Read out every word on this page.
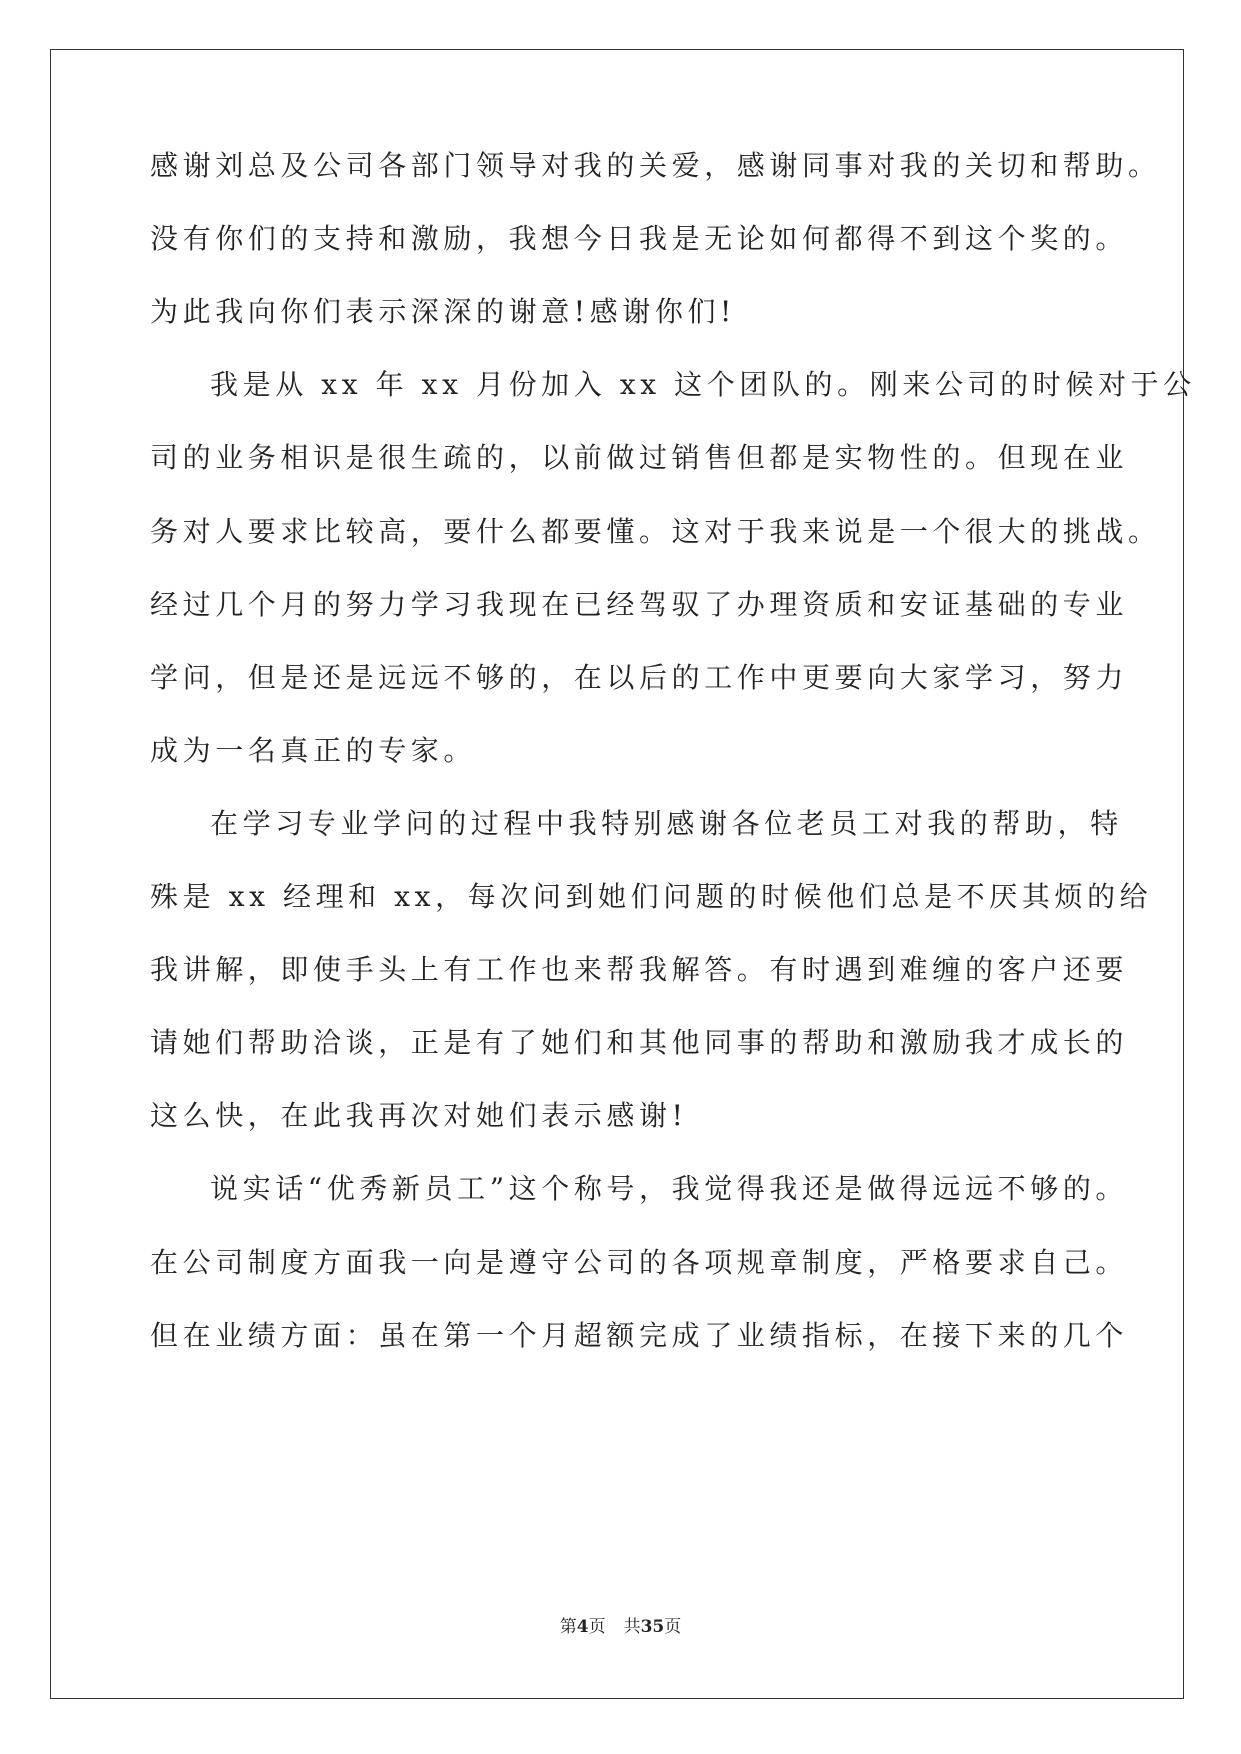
感谢刘总及公司各部门领导对我的关爱，感谢同事对我的关切和帮助。
没有你们的支持和激励，我想今日我是无论如何都得不到这个奖的。
为此我向你们表示深深的谢意!感谢你们!
我是从 xx 年 xx 月份加入 xx 这个团队的。刚来公司的时候对于公
司的业务相识是很生疏的，以前做过销售但都是实物性的。但现在业
务对人要求比较高，要什么都要懂。这对于我来说是一个很大的挑战。
经过几个月的努力学习我现在已经驾驭了办理资质和安证基础的专业
学问，但是还是远远不够的，在以后的工作中更要向大家学习，努力
成为一名真正的专家。
在学习专业学问的过程中我特别感谢各位老员工对我的帮助，特
殊是 xx 经理和 xx，每次问到她们问题的时候他们总是不厌其烦的给
我讲解，即使手头上有工作也来帮我解答。有时遇到难缠的客户还要
请她们帮助洽谈，正是有了她们和其他同事的帮助和激励我才成长的
这么快，在此我再次对她们表示感谢!
说实话“优秀新员工”这个称号，我觉得我还是做得远远不够的。
在公司制度方面我一向是遵守公司的各项规章制度，严格要求自己。
但在业绩方面：虽在第一个月超额完成了业绩指标，在接下来的几个
第4页 共35页
